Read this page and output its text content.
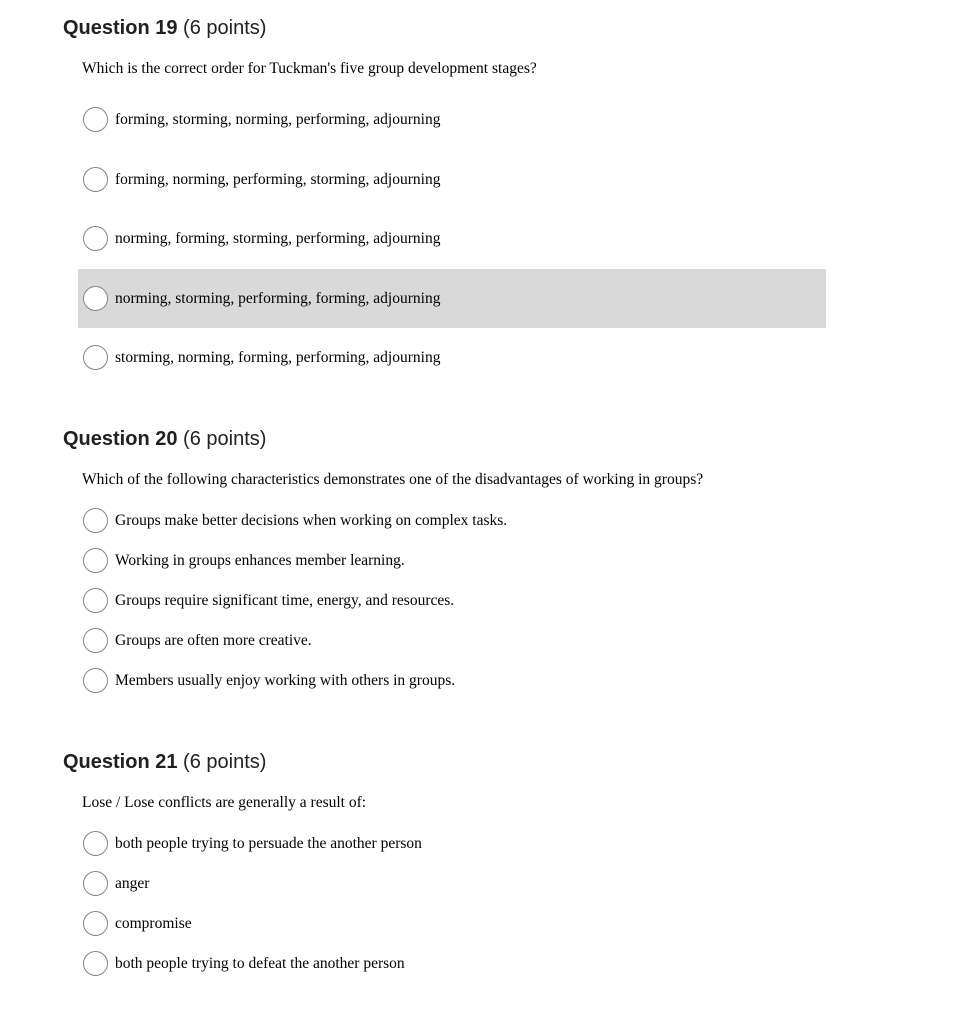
Question 19 (6 points)

Which is the correct order for Tuckman's five group development stages?

forming, storming, norming, performing, adjourning
forming, norming, performing, storming, adjourning
norming, forming, storming, performing, adjourning
norming, storming, performing, forming, adjourning
storming, norming, forming, performing, adjourning
Question 20 (6 points)

Which of the following characteristics demonstrates one of the disadvantages of working in groups?

Groups make better decisions when working on complex tasks.
Working in groups enhances member learning.
Groups require significant time, energy, and resources.
Groups are often more creative.
Members usually enjoy working with others in groups.
Question 21 (6 points)

Lose / Lose conflicts are generally a result of:

both people trying to persuade the another person
anger
compromise
both people trying to defeat the another person
